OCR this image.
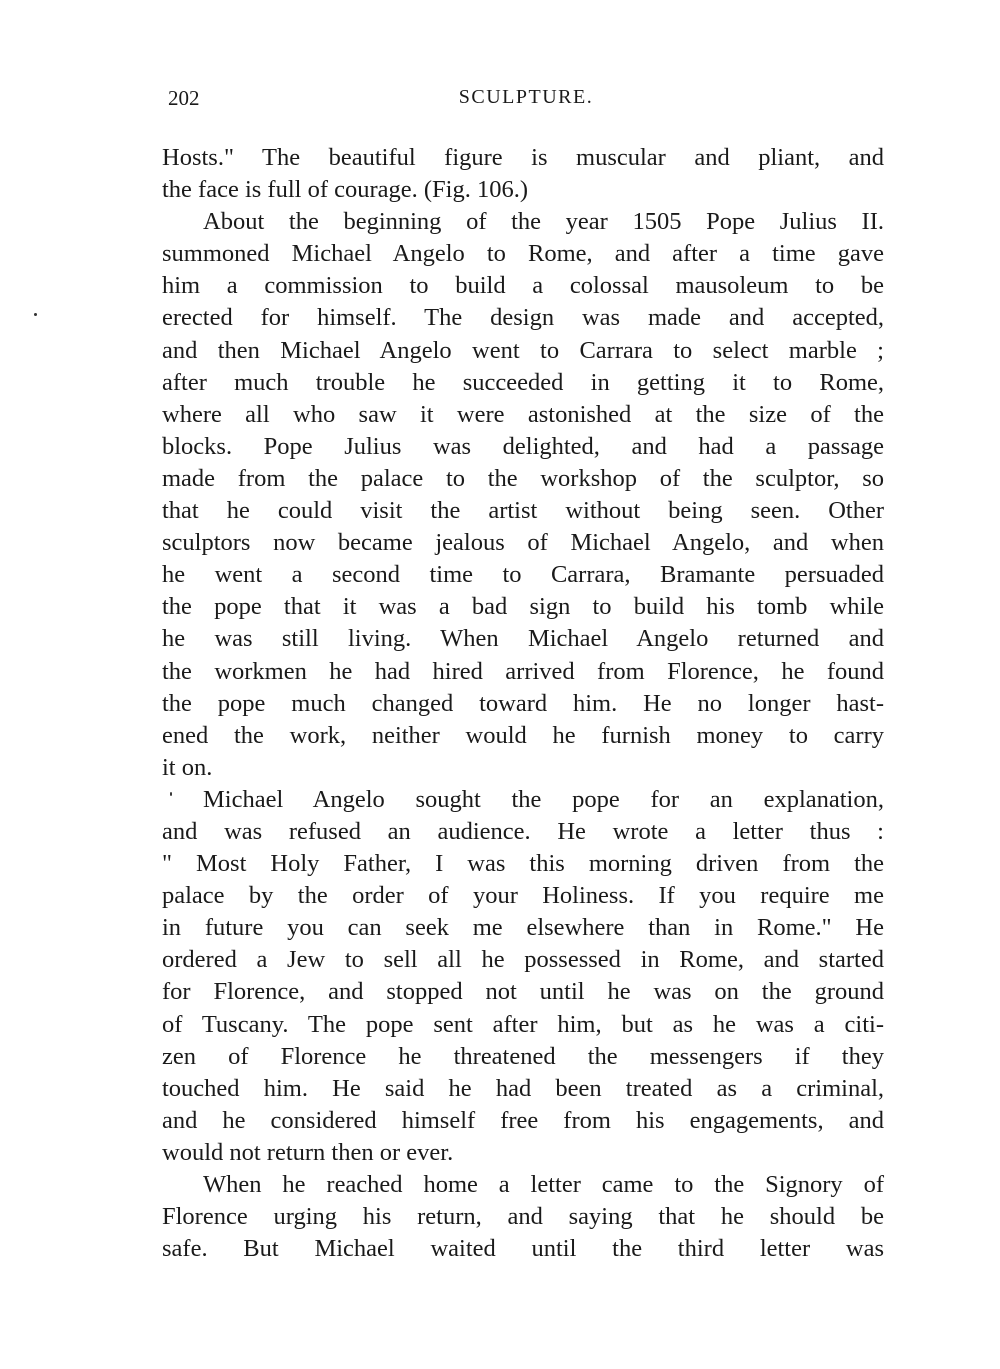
202	SCULPTURE.
Hosts." The beautiful figure is muscular and pliant, and
the face is full of courage. (Fig. 106.)
About the beginning of the year 1505 Pope Julius II.
summoned Michael Angelo to Rome, and after a time gave
him a commission to build a colossal mausoleum to be
erected for himself. The design was made and accepted,
and then Michael Angelo went to Carrara to select marble ;
after much trouble he succeeded in getting it to Rome,
where all who saw it were astonished at the size of the
blocks. Pope Julius was delighted, and had a passage
made from the palace to the workshop of the sculptor, so
that he could visit the artist without being seen. Other
sculptors now became jealous of Michael Angelo, and when
he went a second time to Carrara, Bramante persuaded
the pope that it was a bad sign to build his tomb while
he was still living. When Michael Angelo returned and
the workmen he had hired arrived from Florence, he found
the pope much changed toward him. He no longer hast-
ened the work, neither would he furnish money to carry
it on.
Michael Angelo sought the pope for an explanation,
and was refused an audience. He wrote a letter thus :
" Most Holy Father, I was this morning driven from the
palace by the order of your Holiness. If you require me
in future you can seek me elsewhere than in Rome." He
ordered a Jew to sell all he possessed in Rome, and started
for Florence, and stopped not until he was on the ground
of Tuscany. The pope sent after him, but as he was a citi-
zen of Florence he threatened the messengers if they
touched him. He said he had been treated as a criminal,
and he considered himself free from his engagements, and
would not return then or ever.
When he reached home a letter came to the Signory of
Florence urging his return, and saying that he should be
safe. But Michael waited until the third letter was
